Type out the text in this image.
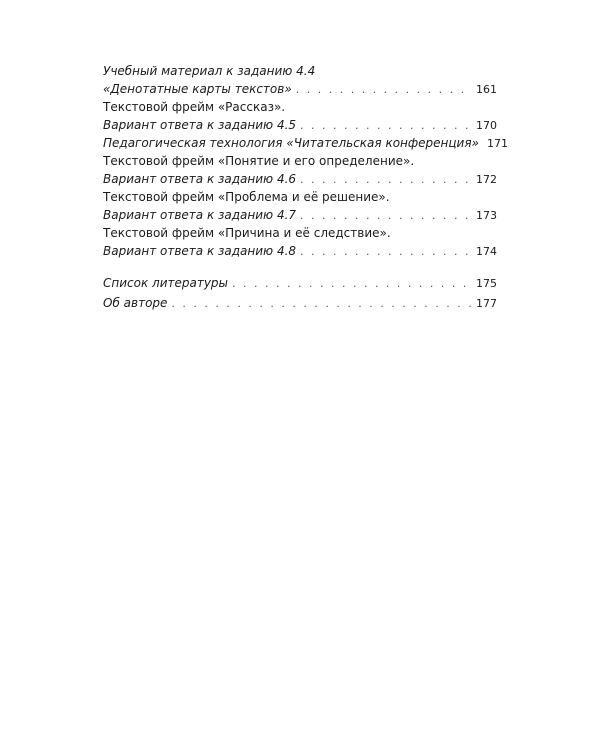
Учебный материал к заданию 4.4
«Денотатные карты текстов» . . .	161
Текстовой фрейм «Рассказ».
Вариант ответа к заданию 4.5 . . .	170
Педагогическая технология «Читательская конференция» 171
Текстовой фрейм «Понятие и его определение».
Вариант ответа к заданию 4.6 . . .	172
Текстовой фрейм «Проблема и её решение».
Вариант ответа к заданию 4.7 . . .	173
Текстовой фрейм «Причина и её следствие».
Вариант ответа к заданию 4.8 . . .	174
Список литературы . . .	175
Об авторе . . .	177
